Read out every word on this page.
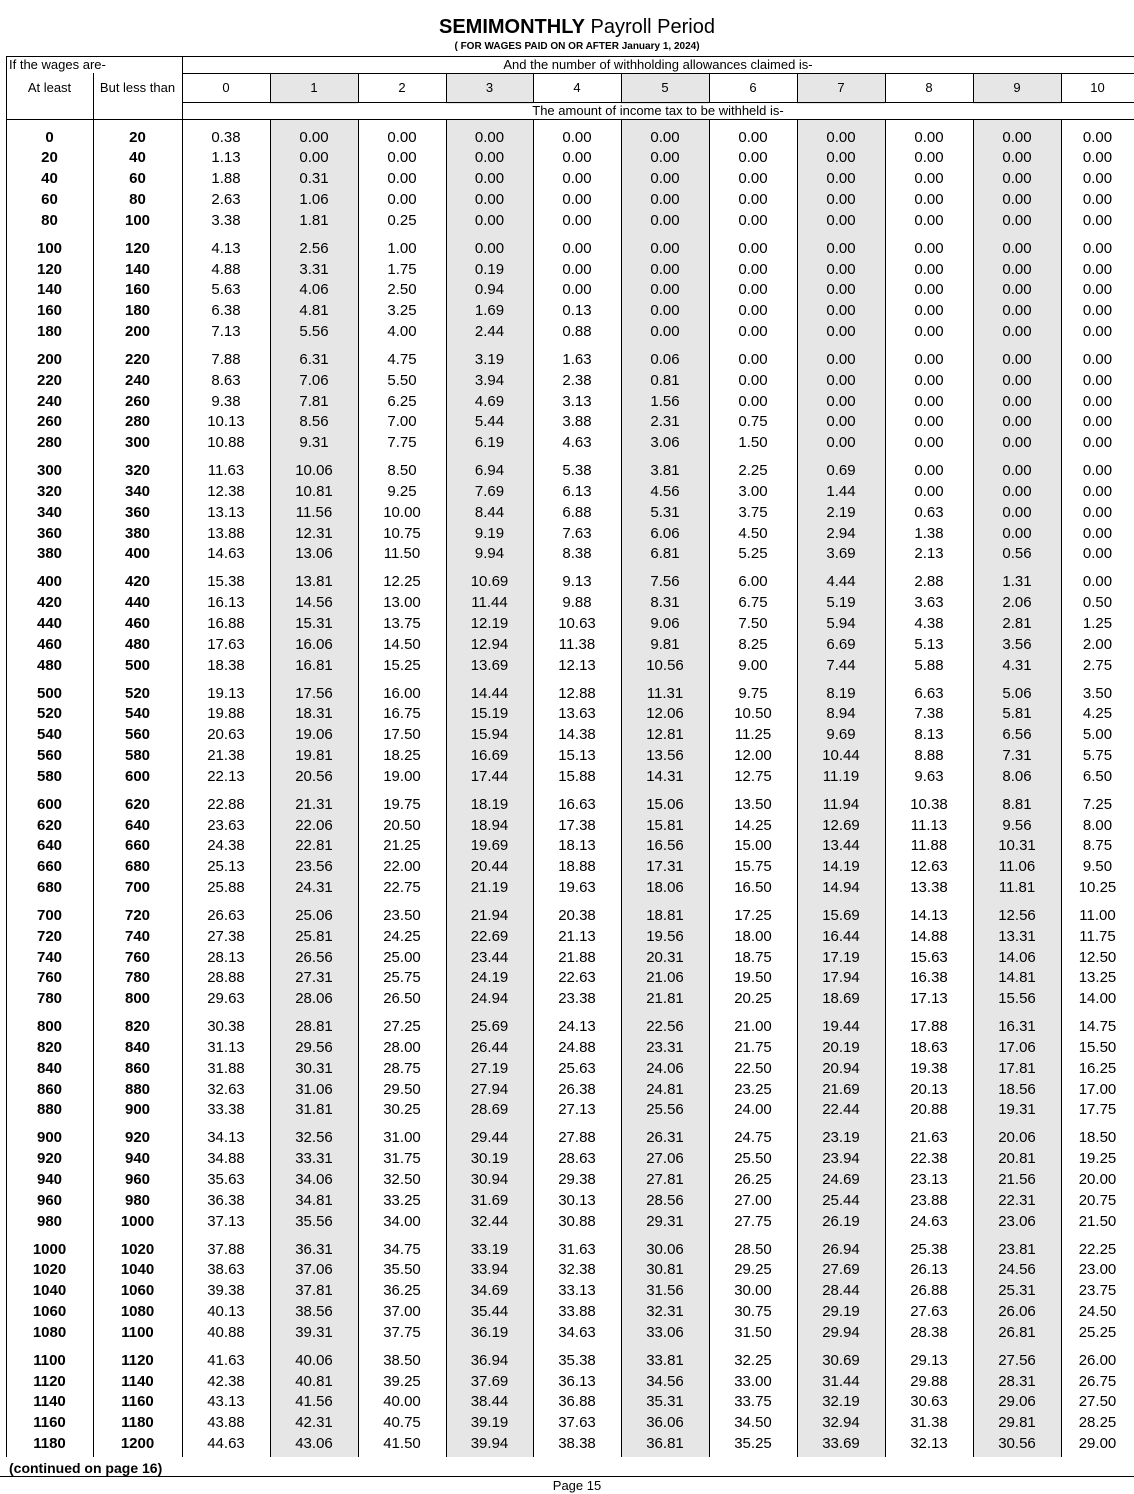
SEMIMONTHLY Payroll Period
( FOR WAGES PAID ON OR AFTER January 1, 2024)
If the wages are-	And the number of withholding allowances claimed is-
At least	But less than	0	1	2	3	4	5	6	7	8	9	10
The amount of income tax to be withheld is-
0	20	0.38	0.00	0.00	0.00	0.00	0.00	0.00	0.00	0.00	0.00	0.00
20	40	1.13	0.00	0.00	0.00	0.00	0.00	0.00	0.00	0.00	0.00	0.00
40	60	1.88	0.31	0.00	0.00	0.00	0.00	0.00	0.00	0.00	0.00	0.00
60	80	2.63	1.06	0.00	0.00	0.00	0.00	0.00	0.00	0.00	0.00	0.00
80	100	3.38	1.81	0.25	0.00	0.00	0.00	0.00	0.00	0.00	0.00	0.00
100	120	4.13	2.56	1.00	0.00	0.00	0.00	0.00	0.00	0.00	0.00	0.00
120	140	4.88	3.31	1.75	0.19	0.00	0.00	0.00	0.00	0.00	0.00	0.00
140	160	5.63	4.06	2.50	0.94	0.00	0.00	0.00	0.00	0.00	0.00	0.00
160	180	6.38	4.81	3.25	1.69	0.13	0.00	0.00	0.00	0.00	0.00	0.00
180	200	7.13	5.56	4.00	2.44	0.88	0.00	0.00	0.00	0.00	0.00	0.00
200	220	7.88	6.31	4.75	3.19	1.63	0.06	0.00	0.00	0.00	0.00	0.00
220	240	8.63	7.06	5.50	3.94	2.38	0.81	0.00	0.00	0.00	0.00	0.00
240	260	9.38	7.81	6.25	4.69	3.13	1.56	0.00	0.00	0.00	0.00	0.00
260	280	10.13	8.56	7.00	5.44	3.88	2.31	0.75	0.00	0.00	0.00	0.00
280	300	10.88	9.31	7.75	6.19	4.63	3.06	1.50	0.00	0.00	0.00	0.00
300	320	11.63	10.06	8.50	6.94	5.38	3.81	2.25	0.69	0.00	0.00	0.00
320	340	12.38	10.81	9.25	7.69	6.13	4.56	3.00	1.44	0.00	0.00	0.00
340	360	13.13	11.56	10.00	8.44	6.88	5.31	3.75	2.19	0.63	0.00	0.00
360	380	13.88	12.31	10.75	9.19	7.63	6.06	4.50	2.94	1.38	0.00	0.00
380	400	14.63	13.06	11.50	9.94	8.38	6.81	5.25	3.69	2.13	0.56	0.00
400	420	15.38	13.81	12.25	10.69	9.13	7.56	6.00	4.44	2.88	1.31	0.00
420	440	16.13	14.56	13.00	11.44	9.88	8.31	6.75	5.19	3.63	2.06	0.50
440	460	16.88	15.31	13.75	12.19	10.63	9.06	7.50	5.94	4.38	2.81	1.25
460	480	17.63	16.06	14.50	12.94	11.38	9.81	8.25	6.69	5.13	3.56	2.00
480	500	18.38	16.81	15.25	13.69	12.13	10.56	9.00	7.44	5.88	4.31	2.75
500	520	19.13	17.56	16.00	14.44	12.88	11.31	9.75	8.19	6.63	5.06	3.50
520	540	19.88	18.31	16.75	15.19	13.63	12.06	10.50	8.94	7.38	5.81	4.25
540	560	20.63	19.06	17.50	15.94	14.38	12.81	11.25	9.69	8.13	6.56	5.00
560	580	21.38	19.81	18.25	16.69	15.13	13.56	12.00	10.44	8.88	7.31	5.75
580	600	22.13	20.56	19.00	17.44	15.88	14.31	12.75	11.19	9.63	8.06	6.50
600	620	22.88	21.31	19.75	18.19	16.63	15.06	13.50	11.94	10.38	8.81	7.25
620	640	23.63	22.06	20.50	18.94	17.38	15.81	14.25	12.69	11.13	9.56	8.00
640	660	24.38	22.81	21.25	19.69	18.13	16.56	15.00	13.44	11.88	10.31	8.75
660	680	25.13	23.56	22.00	20.44	18.88	17.31	15.75	14.19	12.63	11.06	9.50
680	700	25.88	24.31	22.75	21.19	19.63	18.06	16.50	14.94	13.38	11.81	10.25
700	720	26.63	25.06	23.50	21.94	20.38	18.81	17.25	15.69	14.13	12.56	11.00
720	740	27.38	25.81	24.25	22.69	21.13	19.56	18.00	16.44	14.88	13.31	11.75
740	760	28.13	26.56	25.00	23.44	21.88	20.31	18.75	17.19	15.63	14.06	12.50
760	780	28.88	27.31	25.75	24.19	22.63	21.06	19.50	17.94	16.38	14.81	13.25
780	800	29.63	28.06	26.50	24.94	23.38	21.81	20.25	18.69	17.13	15.56	14.00
800	820	30.38	28.81	27.25	25.69	24.13	22.56	21.00	19.44	17.88	16.31	14.75
820	840	31.13	29.56	28.00	26.44	24.88	23.31	21.75	20.19	18.63	17.06	15.50
840	860	31.88	30.31	28.75	27.19	25.63	24.06	22.50	20.94	19.38	17.81	16.25
860	880	32.63	31.06	29.50	27.94	26.38	24.81	23.25	21.69	20.13	18.56	17.00
880	900	33.38	31.81	30.25	28.69	27.13	25.56	24.00	22.44	20.88	19.31	17.75
900	920	34.13	32.56	31.00	29.44	27.88	26.31	24.75	23.19	21.63	20.06	18.50
920	940	34.88	33.31	31.75	30.19	28.63	27.06	25.50	23.94	22.38	20.81	19.25
940	960	35.63	34.06	32.50	30.94	29.38	27.81	26.25	24.69	23.13	21.56	20.00
960	980	36.38	34.81	33.25	31.69	30.13	28.56	27.00	25.44	23.88	22.31	20.75
980	1000	37.13	35.56	34.00	32.44	30.88	29.31	27.75	26.19	24.63	23.06	21.50
1000	1020	37.88	36.31	34.75	33.19	31.63	30.06	28.50	26.94	25.38	23.81	22.25
1020	1040	38.63	37.06	35.50	33.94	32.38	30.81	29.25	27.69	26.13	24.56	23.00
1040	1060	39.38	37.81	36.25	34.69	33.13	31.56	30.00	28.44	26.88	25.31	23.75
1060	1080	40.13	38.56	37.00	35.44	33.88	32.31	30.75	29.19	27.63	26.06	24.50
1080	1100	40.88	39.31	37.75	36.19	34.63	33.06	31.50	29.94	28.38	26.81	25.25
1100	1120	41.63	40.06	38.50	36.94	35.38	33.81	32.25	30.69	29.13	27.56	26.00
1120	1140	42.38	40.81	39.25	37.69	36.13	34.56	33.00	31.44	29.88	28.31	26.75
1140	1160	43.13	41.56	40.00	38.44	36.88	35.31	33.75	32.19	30.63	29.06	27.50
1160	1180	43.88	42.31	40.75	39.19	37.63	36.06	34.50	32.94	31.38	29.81	28.25
1180	1200	44.63	43.06	41.50	39.94	38.38	36.81	35.25	33.69	32.13	30.56	29.00
(continued on page 16)
Page 15
